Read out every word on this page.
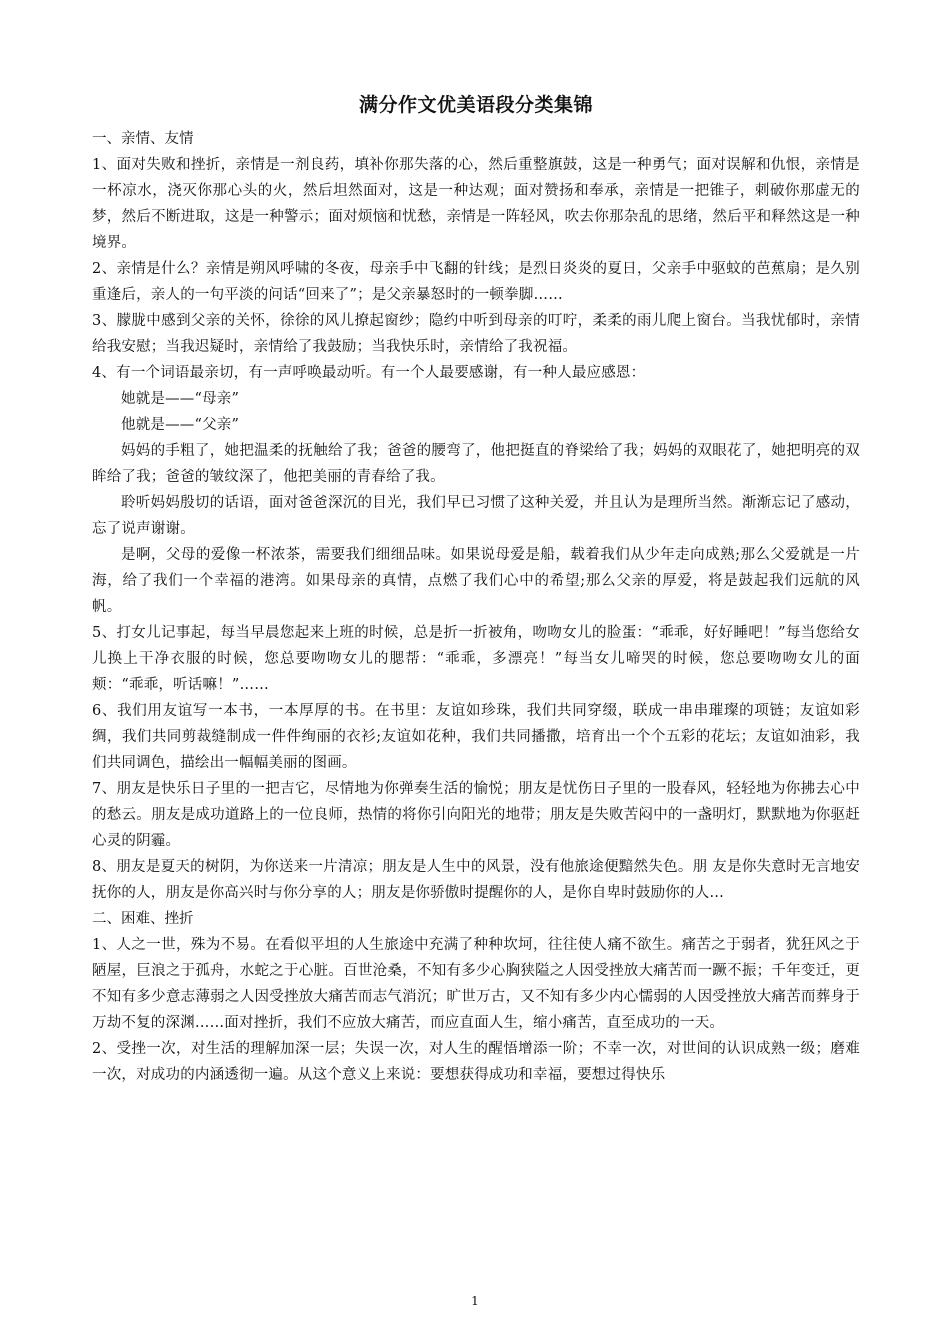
满分作文优美语段分类集锦

一、亲情、友情

1、面对失败和挫折，亲情是一剂良药，填补你那失落的心，然后重整旗鼓，这是一种勇气；面对误解和仇恨，亲情是一杯凉水，浇灭你那心头的火，然后坦然面对，这是一种达观；面对赞扬和奉承，亲情是一把锥子，刺破你那虚无的梦，然后不断进取，这是一种警示；面对烦恼和忧愁，亲情是一阵轻风，吹去你那杂乱的思绪，然后平和释然这是一种境界。

2、亲情是什么？亲情是朔风呼啸的冬夜，母亲手中飞翻的针线；是烈日炎炎的夏日，父亲手中驱蚊的芭蕉扇；是久别重逢后，亲人的一句平淡的问话“回来了”；是父亲暴怒时的一顿拳脚……

3、朦胧中感到父亲的关怀，徐徐的风儿撩起窗纱；隐约中听到母亲的叮咛，柔柔的雨儿爬上窗台。当我忧郁时，亲情给我安慰；当我迟疑时，亲情给了我鼓励；当我快乐时，亲情给了我祝福。

4、有一个词语最亲切，有一声呼唤最动听。有一个人最要感谢，有一种人最应感恩：

她就是——“母亲”

他就是——“父亲”

妈妈的手粗了，她把温柔的抚触给了我；爸爸的腰弯了，他把挺直的脊梁给了我；妈妈的双眼花了，她把明亮的双眸给了我；爸爸的皱纹深了，他把美丽的青春给了我。

聆听妈妈殷切的话语，面对爸爸深沉的目光，我们早已习惯了这种关爱，并且认为是理所当然。渐渐忘记了感动，忘了说声谢谢。

是啊，父母的爱像一杯浓茶，需要我们细细品味。如果说母爱是船，载着我们从少年走向成熟;那么父爱就是一片海，给了我们一个幸福的港湾。如果母亲的真情，点燃了我们心中的希望;那么父亲的厚爱，将是鼓起我们远航的风帆。

5、打女儿记事起，每当早晨您起来上班的时候，总是折一折被角，吻吻女儿的脸蛋：“乖乖，好好睡吧！”每当您给女儿换上干净衣服的时候，您总要吻吻女儿的腮帮：“乖乖，多漂亮！”每当女儿啼哭的时候，您总要吻吻女儿的面颊：“乖乖，听话嘛！”……

6、我们用友谊写一本书，一本厚厚的书。在书里：友谊如珍珠，我们共同穿缀，联成一串串璀璨的项链；友谊如彩绸，我们共同剪裁缝制成一件件绚丽的衣衫;友谊如花种，我们共同播撒，培育出一个个五彩的花坛；友谊如油彩，我们共同调色，描绘出一幅幅美丽的图画。

7、朋友是快乐日子里的一把吉它，尽情地为你弹奏生活的愉悦；朋友是忧伤日子里的一股春风，轻轻地为你拂去心中的愁云。朋友是成功道路上的一位良师，热情的将你引向阳光的地带；朋友是失败苦闷中的一盏明灯，默默地为你驱赶心灵的阴霾。

8、朋友是夏天的树阴，为你送来一片清凉；朋友是人生中的风景，没有他旅途便黯然失色。朋 友是你失意时无言地安抚你的人，朋友是你高兴时与你分享的人；朋友是你骄傲时提醒你的人，是你自卑时鼓励你的人…

二、困难、挫折

1、人之一世，殊为不易。在看似平坦的人生旅途中充满了种种坎坷，往往使人痛不欲生。痛苦之于弱者，犹狂风之于陋屋，巨浪之于孤舟，水蛇之于心脏。百世沧桑，不知有多少心胸狭隘之人因受挫放大痛苦而一蹶不振；千年变迁，更不知有多少意志薄弱之人因受挫放大痛苦而志气消沉；旷世万古，又不知有多少内心懦弱的人因受挫放大痛苦而葬身于万劫不复的深渊……面对挫折，我们不应放大痛苦，而应直面人生，缩小痛苦，直至成功的一天。

2、受挫一次，对生活的理解加深一层；失误一次，对人生的醒悟增添一阶；不幸一次，对世间的认识成熟一级；磨难一次，对成功的内涵透彻一遍。从这个意义上来说：要想获得成功和幸福，要想过得快乐

1
